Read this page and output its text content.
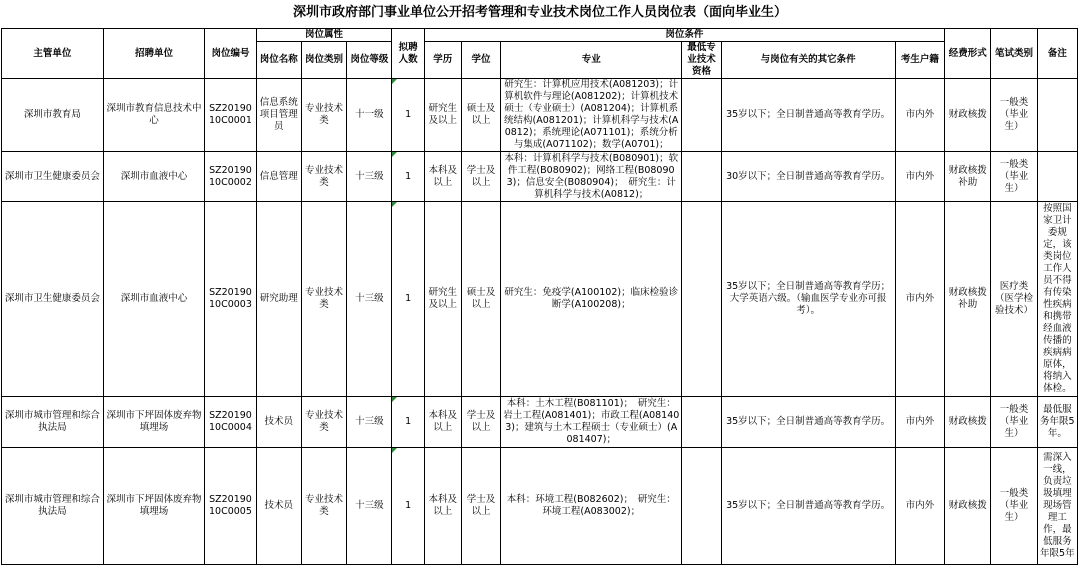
深圳市政府部门事业单位公开招考管理和专业技术岗位工作人员岗位表（面向毕业生）
主管单位	招聘单位	岗位编号	岗位属性			拟聘人数	岗位条件						经费形式	笔试类别	备注
			岗位名称	岗位类别	岗位等级		学历	学位	专业	最低专业技术资格	与岗位有关的其它条件	考生户籍			
深圳市教育局	深圳市教育信息技术中心	SZ2019010C0001	信息系统项目管理员	专业技术类	十一级	1	研究生及以上	硕士及以上	研究生：计算机应用技术(A081203)；计算机软件与理论(A081202)；计算机技术硕士（专业硕士）(A081204)；计算机系统结构(A081201)；计算机科学与技术(A0812)；系统理论(A071101)；系统分析与集成(A071102)；数学(A0701)；		35岁以下；全日制普通高等教育学历。	市内外	财政核拨	一般类（毕业生）	
深圳市卫生健康委员会	深圳市血液中心	SZ2019010C0002	信息管理	专业技术类	十三级	1	本科及以上	学士及以上	本科：计算机科学与技术(B080901)；软件工程(B080902)；网络工程(B080903)；信息安全(B080904)；　研究生：计算机科学与技术(A0812)；		30岁以下；全日制普通高等教育学历。	市内外	财政核拨补助	一般类（毕业生）	
深圳市卫生健康委员会	深圳市血液中心	SZ2019010C0003	研究助理	专业技术类	十三级	1	研究生及以上	硕士及以上	研究生：免疫学(A100102)；临床检验诊断学(A100208)；		35岁以下；全日制普通高等教育学历；大学英语六级。（输血医学专业亦可报考）。	市内外	财政核拨补助	医疗类（医学检验技术）	按照国家卫计委规定，该类岗位工作人员不得有传染性疾病和携带经血液传播的疾病病原体，将纳入体检。
深圳市城市管理和综合执法局	深圳市下坪固体废弃物填埋场	SZ2019010C0004	技术员	专业技术类	十三级	1	本科及以上	学士及以上	本科：土木工程(B081101)；　研究生：岩土工程(A081401)；市政工程(A081403)；建筑与土木工程硕士（专业硕士）(A081407)；		35岁以下；全日制普通高等教育学历。	市内外	财政核拨	一般类（毕业生）	最低服务年限5年。
深圳市城市管理和综合执法局	深圳市下坪固体废弃物填埋场	SZ2019010C0005	技术员	专业技术类	十三级	1	本科及以上	学士及以上	本科：环境工程(B082602)；　研究生：环境工程(A083002)；		35岁以下；全日制普通高等教育学历。	市内外	财政核拨	一般类（毕业生）	需深入一线，负责垃圾填埋现场管理工作，最低服务年限5年
